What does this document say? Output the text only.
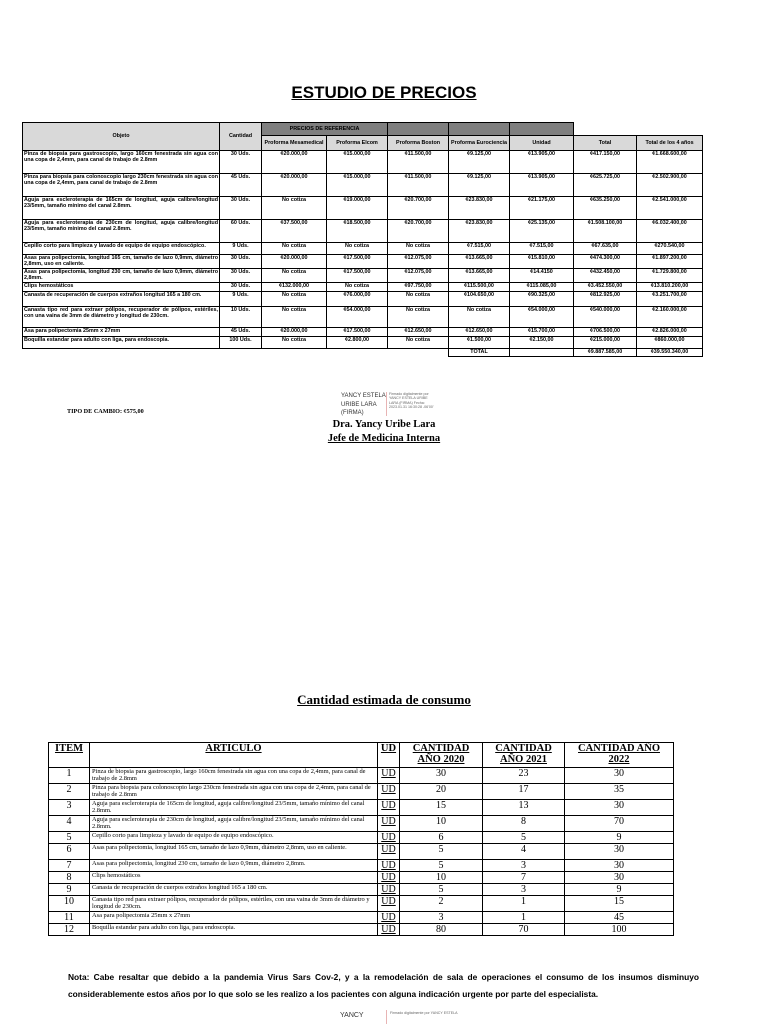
ESTUDIO DE PRECIOS
Objeto	Cantidad	PRECIOS DE REFERENCIA						
		Proforma Mesamedical	Proforma Elcom	Proforma Boston	Proforma Eurociencia	Unidad	Total	Total de los 4 años
Pinza de biopsia para gastroscopio, largo 160cm fenestrada sin agua con una copa de 2,4mm, para canal de trabajo de 2.8mm	30 Uds.	¢20.000,00	¢15.000,00	¢11.500,00	¢9.125,00	¢13.905,00	¢417.150,00	¢1.668.600,00
Pinza para biopsia para colonoscopio largo 230cm fenestrada sin agua con una copa de 2,4mm, para canal de trabajo de 2.8mm	45 Uds.	¢20.000,00	¢15.000,00	¢11.500,00	¢9.125,00	¢13.905,00	¢625.725,00	¢2.502.900,00
Aguja para escleroterapia de 165cm de longitud, aguja calibre/longitud 23/5mm, tamaño mínimo del canal 2.8mm.	30 Uds.	No cotiza	¢19.000,00	¢20.700,00	¢23.830,00	¢21.175,00	¢635.250,00	¢2.541.000,00
Aguja para escleroterapia de 230cm de longitud, aguja calibre/longitud 23/5mm, tamaño mínimo del canal 2.8mm.	60 Uds.	¢37.500,00	¢18.500,00	¢20.700,00	¢23.830,00	¢25.135,00	¢1.508.100,00	¢6.032.400,00
Cepillo corto para limpieza y lavado de equipo de equipo endoscópico.	9 Uds.	No cotiza	No cotiza	No cotiza	¢7.515,00	¢7.515,00	¢67.635,00	¢270.540,00
Asas para polipectomia, longitud 165 cm, tamaño de lazo 0,9mm, diámetro 2,8mm, uso en caliente.	30 Uds.	¢20.000,00	¢17.500,00	¢12.075,00	¢13.665,00	¢15.810,00	¢474.300,00	¢1.897.200,00
Asas para polipectomia, longitud 230 cm, tamaño de lazo 0,9mm, diámetro 2,8mm.	30 Uds.	No cotiza	¢17.500,00	¢12.075,00	¢13.665,00	¢14.4150	¢432.450,00	¢1.729.800,00
Clips hemostáticos	30 Uds.	¢132.000,00	No cotiza	¢97.750,00	¢115.500,00	¢115.085,00	¢3.452.550,00	¢13.810.200,00
Canasta de recuperación de cuerpos extraños longitud 165 a 180 cm.	9 Uds.	No cotiza	¢76.000,00	No cotiza	¢104.650,00	¢90.325,00	¢812.925,00	¢3.251.700,00
Canasta tipo red para extraer pólipos, recuperador de pólipos, estériles, con una vaina de 3mm de diámetro y longitud de 230cm.	10 Uds.	No cotiza	¢54.000,00	No cotiza	No cotiza	¢54.000,00	¢540.000,00	¢2.160.000,00
Asa para polipectomia 25mm x 27mm	45 Uds.	¢20.000,00	¢17.500,00	¢12.650,00	¢12.650,00	¢15.700,00	¢706.500,00	¢2.826.000,00
Boquilla estandar para adulto con liga, para endoscopia.	100 Uds.	No cotiza	¢2.800,00	No cotiza	¢1.500,00	¢2.150,00	¢215.000,00	¢860.000,00
					TOTAL		¢9.887.585,00	¢39.550.340,00
YANCY ESTELA URIBE LARA (FIRMA)
Firmado digitalmente por YANCY ESTELA URIBE LARA (FIRMA) Fecha: 2023.01.31 16:30:28 -06'00'
TIPO DE CAMBIO: ¢575,00
Dra. Yancy Uribe Lara
Jefe de Medicina Interna
Cantidad estimada de consumo
ITEM	ARTICULO	UD	CANTIDAD AÑO 2020	CANTIDAD AÑO 2021	CANTIDAD AÑO 2022
1	Pinza de biopsia para gastroscopio, largo 160cm fenestrada sin agua con una copa de 2,4mm, para canal de trabajo de 2.8mm	UD	30	23	30
2	Pinza para biopsia para colonoscopio largo 230cm fenestrada sin agua con una copa de 2,4mm, para canal de trabajo de 2.8mm	UD	20	17	35
3	Aguja para escleroterapia de 165cm de longitud, aguja calibre/longitud 23/5mm, tamaño mínimo del canal 2.8mm.	UD	15	13	30
4	Aguja para escleroterapia de 230cm de longitud, aguja calibre/longitud 23/5mm, tamaño mínimo del canal 2.8mm.	UD	10	8	70
5	Cepillo corto para limpieza y lavado de equipo de equipo endoscópico.	UD	6	5	9
6	Asas para polipectomia, longitud 165 cm, tamaño de lazo 0,9mm, diámetro 2,8mm, uso en caliente.	UD	5	4	30
7	Asas para polipectomia, longitud 230 cm, tamaño de lazo 0,9mm, diámetro 2,8mm.	UD	5	3	30
8	Clips hemostáticos	UD	10	7	30
9	Canasta de recuperación de cuerpos extraños longitud 165 a 180 cm.	UD	5	3	9
10	Canasta tipo red para extraer pólipos, recuperador de pólipos, estériles, con una vaina de 3mm de diámetro y longitud de 230cm.	UD	2	1	15
11	Asa para polipectomia 25mm x 27mm	UD	3	1	45
12	Boquilla estandar para adulto con liga, para endoscopia.	UD	80	70	100
Nota: Cabe resaltar que debido a la pandemia Virus Sars Cov-2, y a la remodelación de sala de operaciones el consumo de los insumos disminuyo considerablemente estos años por lo que solo se les realizo a los pacientes con alguna indicación urgente por parte del especialista.
YANCY	Firmado digitalmente por YANCY ESTELA
